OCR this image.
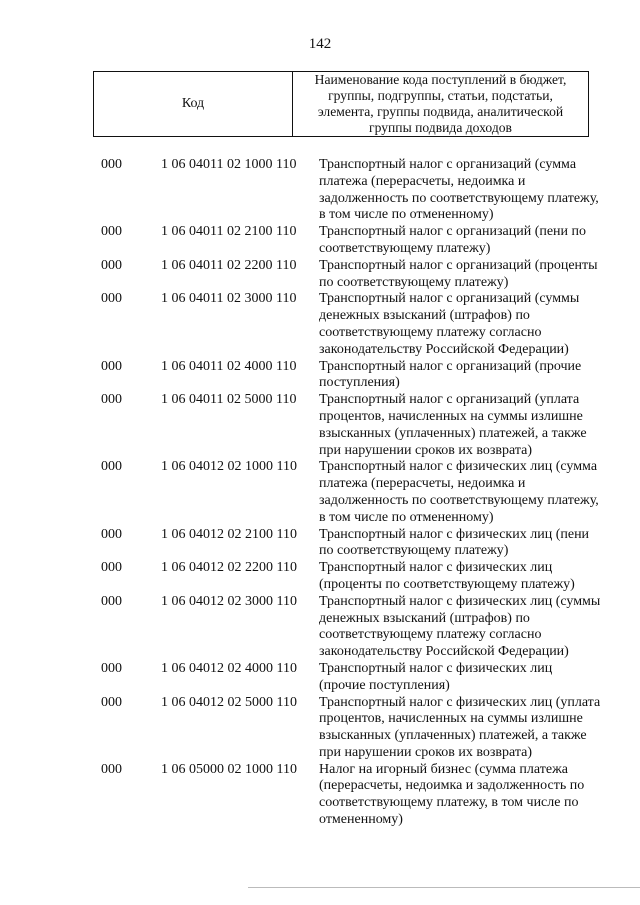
142
Код
Наименование кода поступлений в бюджет,
группы, подгруппы, статьи, подстатьи,
элемента, группы подвида, аналитической
группы подвида доходов
000	1 06 04011 02 1000 110	Транспортный налог с организаций (сумма
платежа (перерасчеты, недоимка и
задолженность по соответствующему платежу,
в том числе по отмененному)
000	1 06 04011 02 2100 110	Транспортный налог с организаций (пени по
соответствующему платежу)
000	1 06 04011 02 2200 110	Транспортный налог с организаций (проценты
по соответствующему платежу)
000	1 06 04011 02 3000 110	Транспортный налог с организаций (суммы
денежных взысканий (штрафов) по
соответствующему платежу согласно
законодательству Российской Федерации)
000	1 06 04011 02 4000 110	Транспортный налог с организаций (прочие
поступления)
000	1 06 04011 02 5000 110	Транспортный налог с организаций (уплата
процентов, начисленных на суммы излишне
взысканных (уплаченных) платежей, а также
при нарушении сроков их возврата)
000	1 06 04012 02 1000 110	Транспортный налог с физических лиц (сумма
платежа (перерасчеты, недоимка и
задолженность по соответствующему платежу,
в том числе по отмененному)
000	1 06 04012 02 2100 110	Транспортный налог с физических лиц (пени
по соответствующему платежу)
000	1 06 04012 02 2200 110	Транспортный налог с физических лиц
(проценты по соответствующему платежу)
000	1 06 04012 02 3000 110	Транспортный налог с физических лиц (суммы
денежных взысканий (штрафов) по
соответствующему платежу согласно
законодательству Российской Федерации)
000	1 06 04012 02 4000 110	Транспортный налог с физических лиц
(прочие поступления)
000	1 06 04012 02 5000 110	Транспортный налог с физических лиц (уплата
процентов, начисленных на суммы излишне
взысканных (уплаченных) платежей, а также
при нарушении сроков их возврата)
000	1 06 05000 02 1000 110	Налог на игорный бизнес (сумма платежа
(перерасчеты, недоимка и задолженность по
соответствующему платежу, в том числе по
отмененному)
